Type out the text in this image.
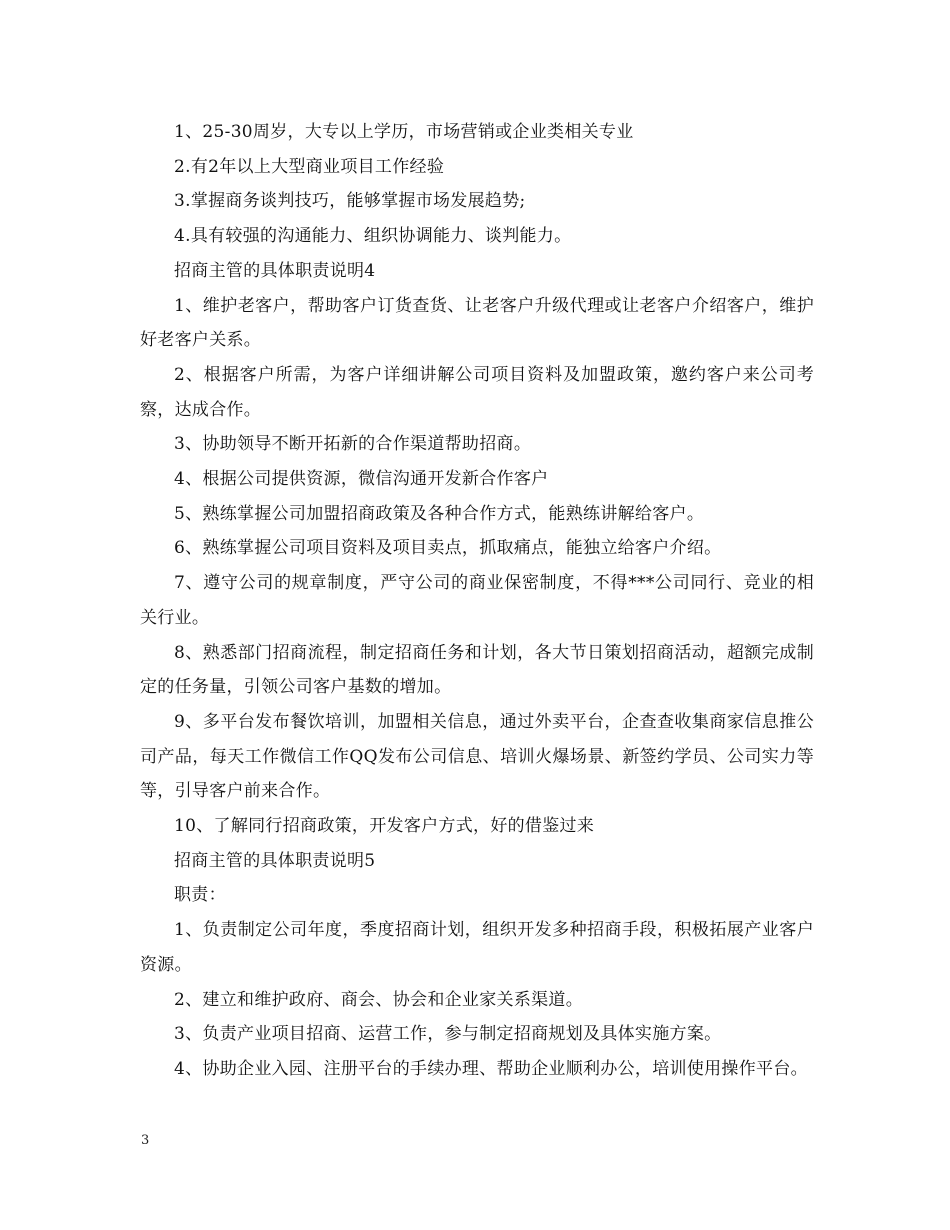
1、25-30周岁，大专以上学历，市场营销或企业类相关专业

2.有2年以上大型商业项目工作经验

3.掌握商务谈判技巧，能够掌握市场发展趋势;

4.具有较强的沟通能力、组织协调能力、谈判能力。

招商主管的具体职责说明4

1、维护老客户，帮助客户订货查货、让老客户升级代理或让老客户介绍客户，维护好老客户关系。

2、根据客户所需，为客户详细讲解公司项目资料及加盟政策，邀约客户来公司考察，达成合作。

3、协助领导不断开拓新的合作渠道帮助招商。

4、根据公司提供资源，微信沟通开发新合作客户

5、熟练掌握公司加盟招商政策及各种合作方式，能熟练讲解给客户。

6、熟练掌握公司项目资料及项目卖点，抓取痛点，能独立给客户介绍。

7、遵守公司的规章制度，严守公司的商业保密制度，不得***公司同行、竞业的相关行业。

8、熟悉部门招商流程，制定招商任务和计划，各大节日策划招商活动，超额完成制定的任务量，引领公司客户基数的增加。

9、多平台发布餐饮培训，加盟相关信息，通过外卖平台，企查查收集商家信息推公司产品，每天工作微信工作QQ发布公司信息、培训火爆场景、新签约学员、公司实力等等，引导客户前来合作。

10、了解同行招商政策，开发客户方式，好的借鉴过来

招商主管的具体职责说明5

职责：

1、负责制定公司年度，季度招商计划，组织开发多种招商手段，积极拓展产业客户资源。

2、建立和维护政府、商会、协会和企业家关系渠道。

3、负责产业项目招商、运营工作，参与制定招商规划及具体实施方案。

4、协助企业入园、注册平台的手续办理、帮助企业顺利办公，培训使用操作平台。

3
